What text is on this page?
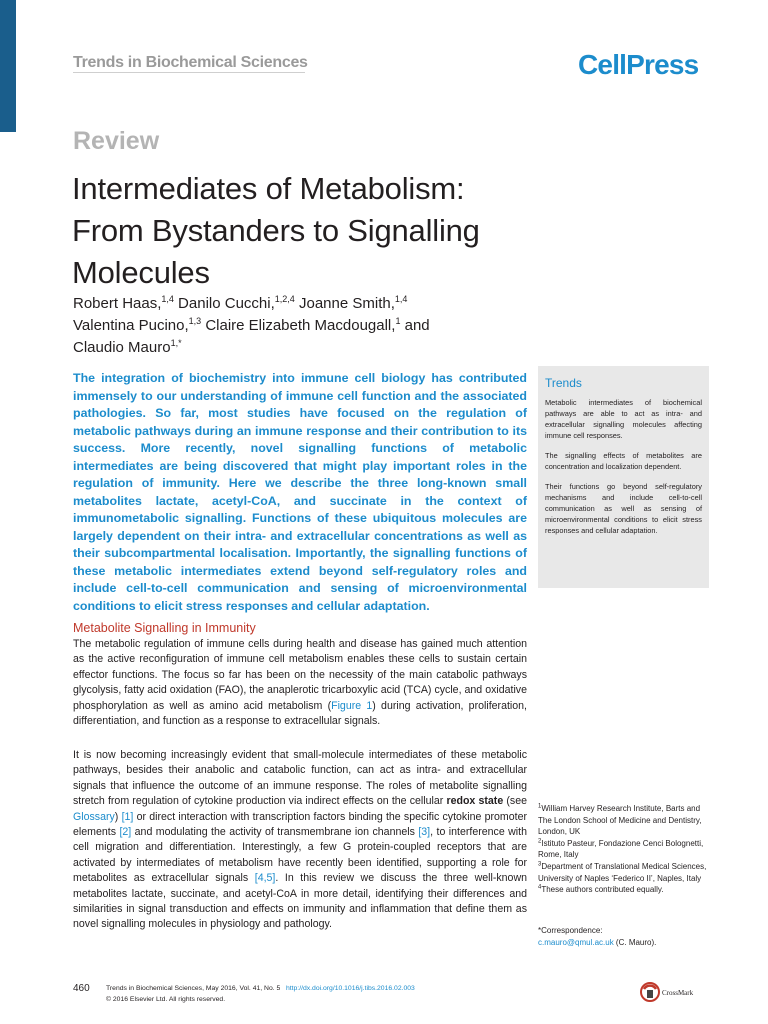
Trends in Biochemical Sciences	CellPress
Review
Intermediates of Metabolism:
From Bystanders to Signalling
Molecules
Robert Haas,$^{1,4}$ Danilo Cucchi,$^{1,2,4}$ Joanne Smith,$^{1,4}$
Valentina Pucino,$^{1,3}$ Claire Elizabeth Macdougall,$^1$ and
Claudio Mauro$^{1,*}$
The integration of biochemistry into immune cell biology has contributed immensely to our understanding of immune cell function and the associated pathologies. So far, most studies have focused on the regulation of metabolic pathways during an immune response and their contribution to its success. More recently, novel signalling functions of metabolic intermediates are being discovered that might play important roles in the regulation of immunity. Here we describe the three long-known small metabolites lactate, acetyl-CoA, and succinate in the context of immunometabolic signalling. Functions of these ubiquitous molecules are largely dependent on their intra- and extracellular concentrations as well as their subcompartmental localisation. Importantly, the signalling functions of these metabolic intermediates extend beyond self-regulatory roles and include cell-to-cell communication and sensing of microenvironmental conditions to elicit stress responses and cellular adaptation.
Trends
Metabolic intermediates of biochemical pathways are able to act as intra- and extracellular signalling molecules affecting immune cell responses.
The signalling effects of metabolites are concentration and localization dependent.
Their functions go beyond self-regulatory mechanisms and include cell-to-cell communication as well as sensing of microenvironmental conditions to elicit stress responses and cellular adaptation.
Metabolite Signalling in Immunity
The metabolic regulation of immune cells during health and disease has gained much attention as the active reconfiguration of immune cell metabolism enables these cells to sustain certain effector functions. The focus so far has been on the necessity of the main catabolic pathways glycolysis, fatty acid oxidation (FAO), the anaplerotic tricarboxylic acid (TCA) cycle, and oxidative phosphorylation as well as amino acid metabolism (Figure 1) during activation, proliferation, differentiation, and function as a response to extracellular signals.
It is now becoming increasingly evident that small-molecule intermediates of these metabolic pathways, besides their anabolic and catabolic function, can act as intra- and extracellular signals that influence the outcome of an immune response. The roles of metabolite signalling stretch from regulation of cytokine production via indirect effects on the cellular redox state (see Glossary) [1] or direct interaction with transcription factors binding the specific cytokine promoter elements [2] and modulating the activity of transmembrane ion channels [3], to interference with cell migration and differentiation. Interestingly, a few G protein-coupled receptors that are activated by intermediates of metabolism have recently been identified, supporting a role for metabolites as extracellular signals [4,5]. In this review we discuss the three well-known metabolites lactate, succinate, and acetyl-CoA in more detail, identifying their differences and similarities in signal transduction and effects on immunity and inflammation that define them as novel signalling molecules in physiology and pathology.
$^1$William Harvey Research Institute, Barts and The London School of Medicine and Dentistry, London, UK
$^2$Istituto Pasteur, Fondazione Cenci Bolognetti, Rome, Italy
$^3$Department of Translational Medical Sciences, University of Naples ‘Federico II’, Naples, Italy
$^4$These authors contributed equally.
*Correspondence:
c.mauro@qmul.ac.uk (C. Mauro).
460 Trends in Biochemical Sciences, May 2016, Vol. 41, No. 5 http://dx.doi.org/10.1016/j.tibs.2016.02.003
© 2016 Elsevier Ltd. All rights reserved.
CrossMark
